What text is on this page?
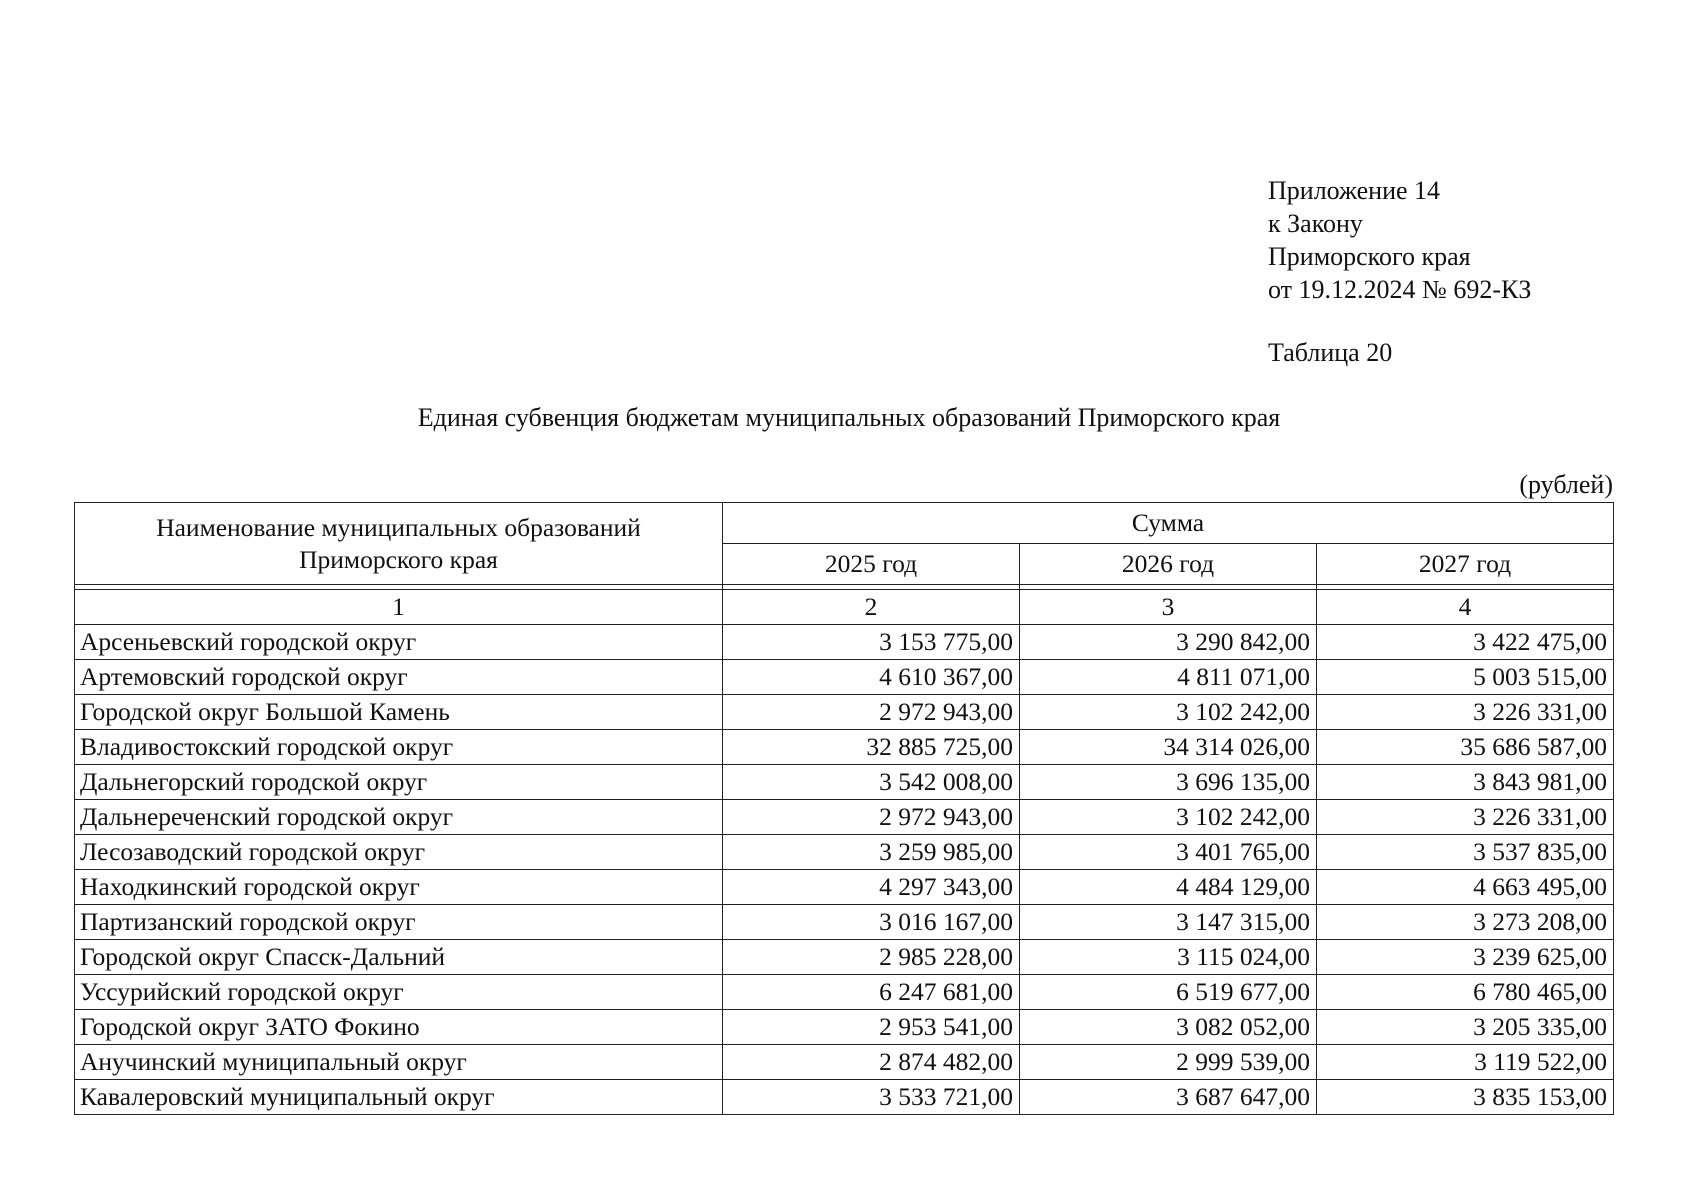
Приложение 14
к Закону
Приморского края
от 19.12.2024 № 692-КЗ
Таблица 20
Единая субвенция бюджетам муниципальных образований Приморского края
(рублей)
Наименование муниципальных образований Приморского края	Сумма		
	2025 год	2026 год	2027 год

1	2	3	4
Арсеньевский городской округ	3 153 775,00	3 290 842,00	3 422 475,00
Артемовский городской округ	4 610 367,00	4 811 071,00	5 003 515,00
Городской округ Большой Камень	2 972 943,00	3 102 242,00	3 226 331,00
Владивостокский городской округ	32 885 725,00	34 314 026,00	35 686 587,00
Дальнегорский городской округ	3 542 008,00	3 696 135,00	3 843 981,00
Дальнереченский городской округ	2 972 943,00	3 102 242,00	3 226 331,00
Лесозаводский городской округ	3 259 985,00	3 401 765,00	3 537 835,00
Находкинский городской округ	4 297 343,00	4 484 129,00	4 663 495,00
Партизанский городской округ	3 016 167,00	3 147 315,00	3 273 208,00
Городской округ Спасск-Дальний	2 985 228,00	3 115 024,00	3 239 625,00
Уссурийский городской округ	6 247 681,00	6 519 677,00	6 780 465,00
Городской округ ЗАТО Фокино	2 953 541,00	3 082 052,00	3 205 335,00
Анучинский муниципальный округ	2 874 482,00	2 999 539,00	3 119 522,00
Кавалеровский муниципальный округ	3 533 721,00	3 687 647,00	3 835 153,00
